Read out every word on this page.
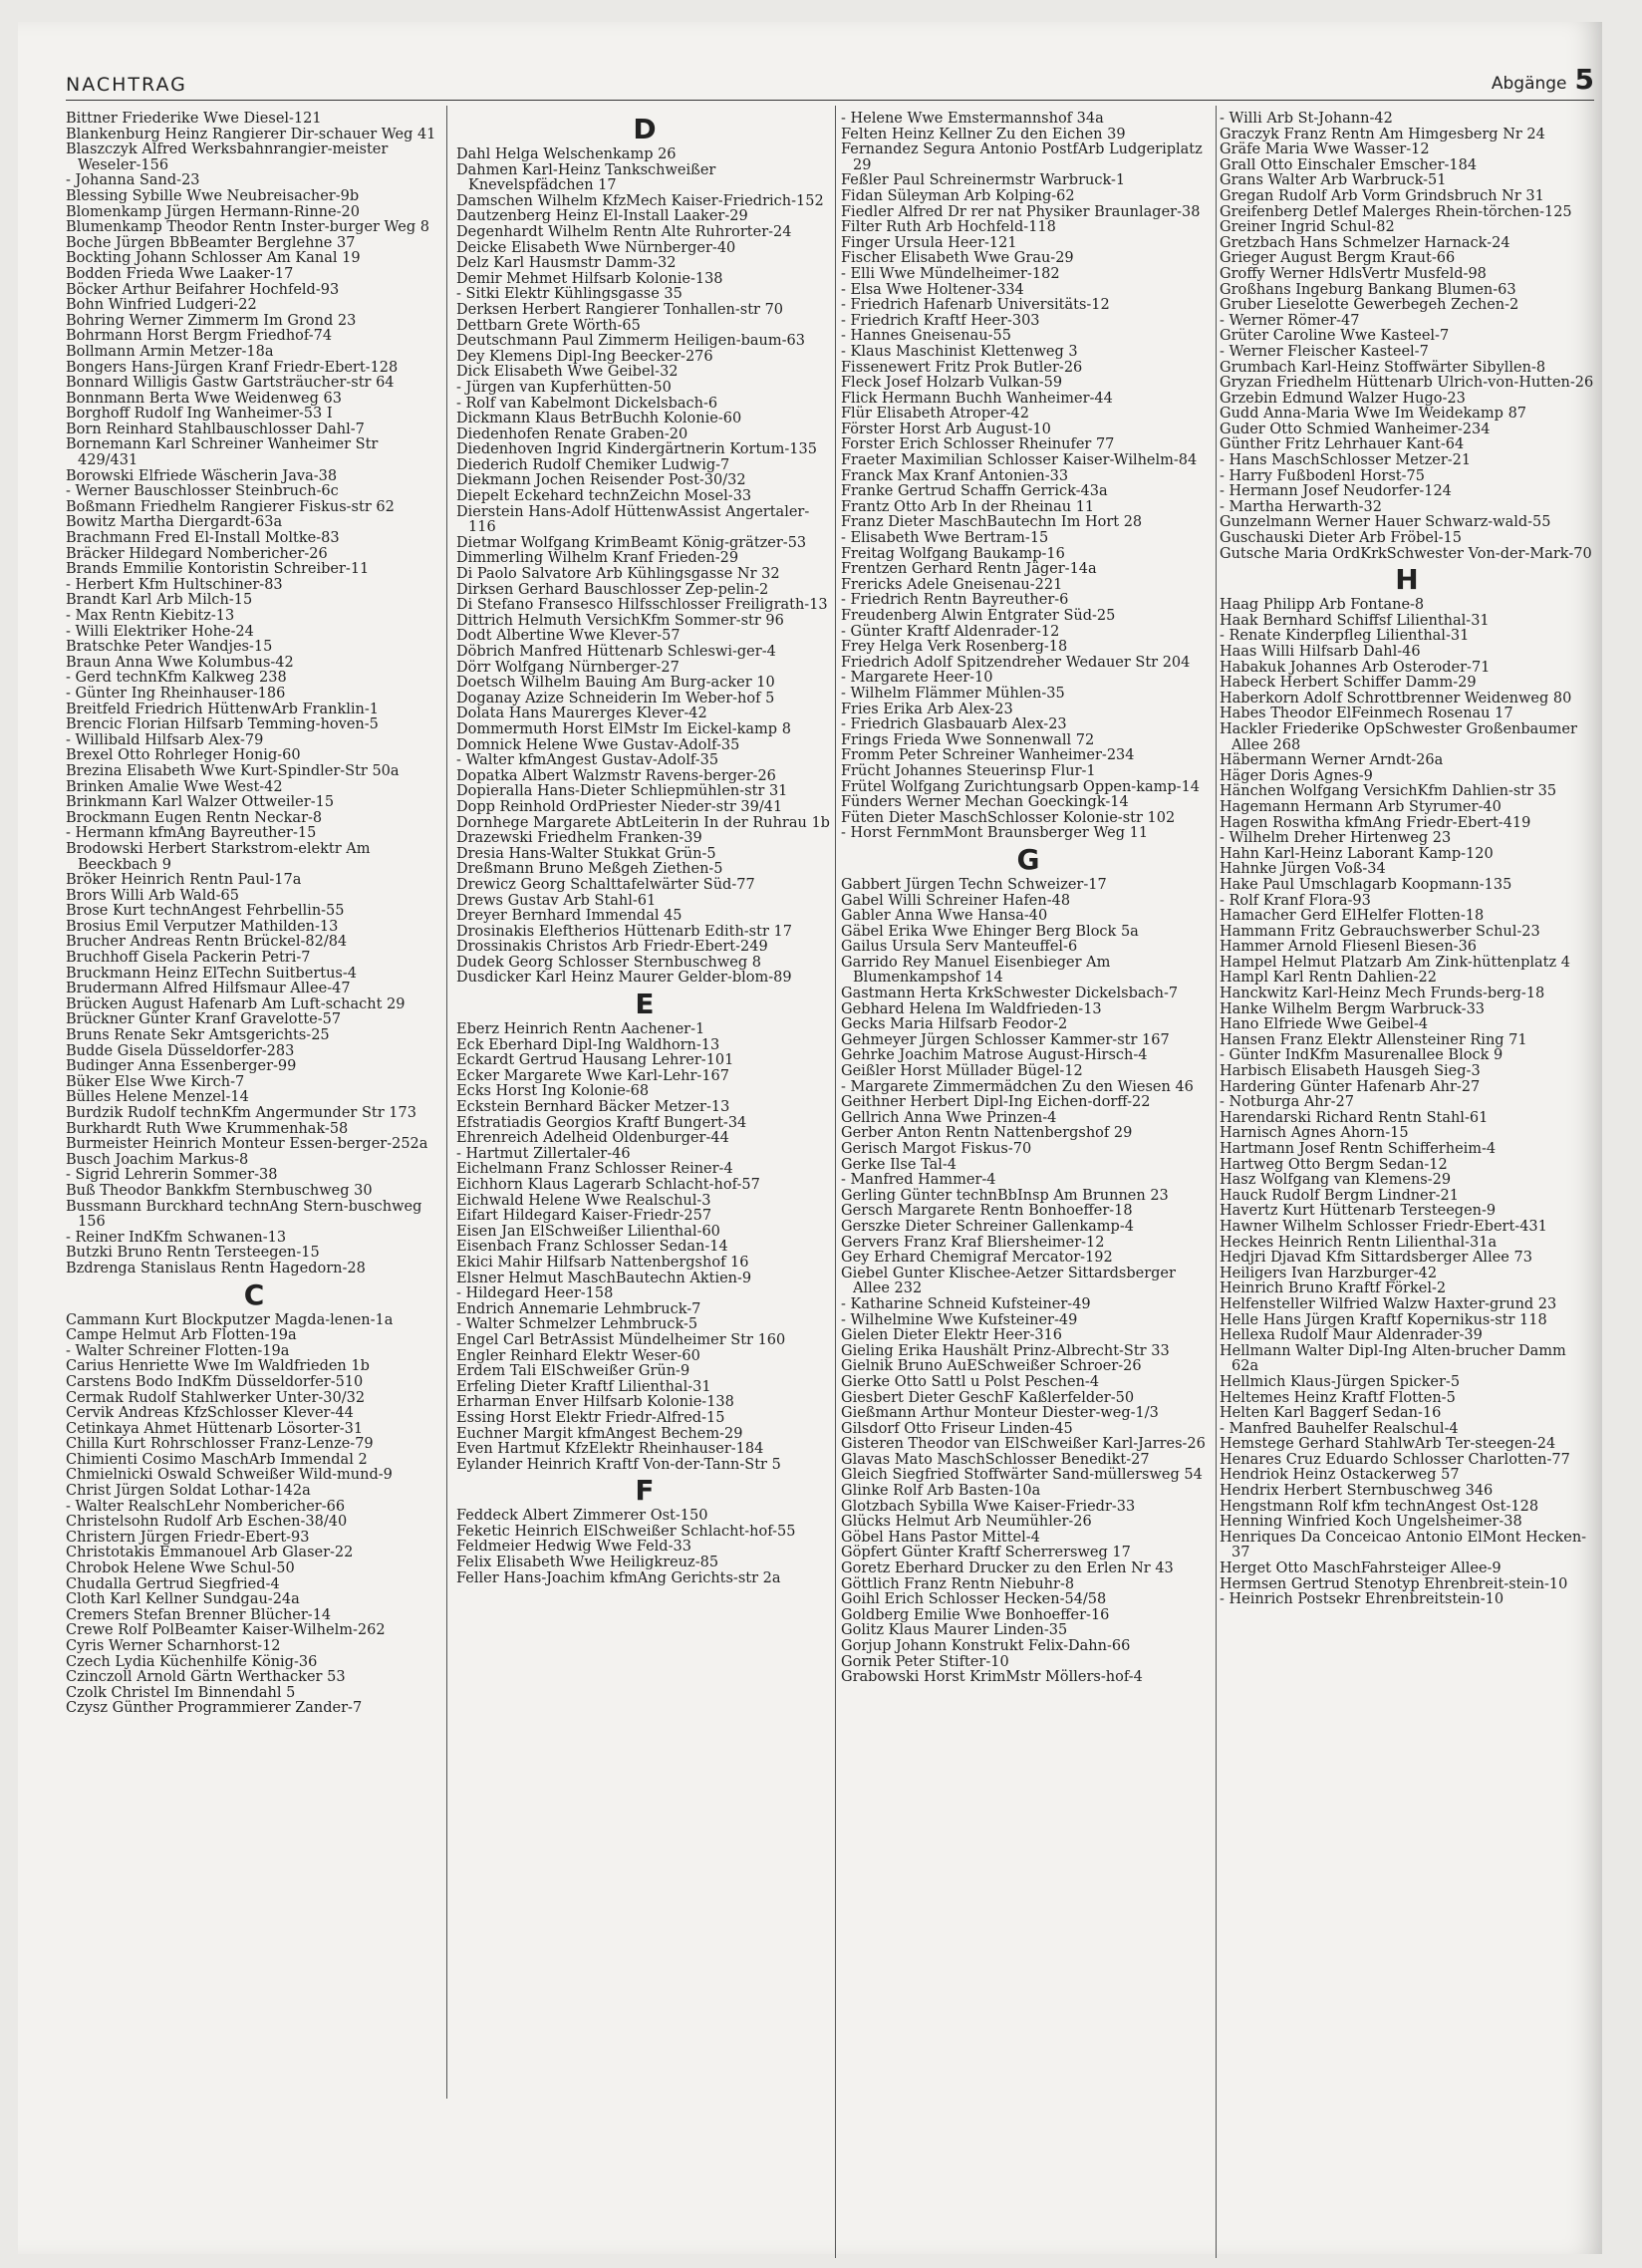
NACHTRAG	Abgänge 5

Bittner Friederike Wwe Diesel-121

Blankenburg Heinz Rangierer Dir-schauer Weg 41

Blaszczyk Alfred Werksbahnrangier-meister Weseler-156

- Johanna Sand-23

Blessing Sybille Wwe Neubreisacher-9b

Blomenkamp Jürgen Hermann-Rinne-20

Blumenkamp Theodor Rentn Inster-burger Weg 8

Boche Jürgen BbBeamter Berglehne 37

Bockting Johann Schlosser Am Kanal 19

Bodden Frieda Wwe Laaker-17

Böcker Arthur Beifahrer Hochfeld-93

Bohn Winfried Ludgeri-22

Bohring Werner Zimmerm Im Grond 23

Bohrmann Horst Bergm Friedhof-74

Bollmann Armin Metzer-18a

Bongers Hans-Jürgen Kranf Friedr-Ebert-128

Bonnard Willigis Gastw Gartsträucher-str 64

Bonnmann Berta Wwe Weidenweg 63

Borghoff Rudolf Ing Wanheimer-53 I

Born Reinhard Stahlbauschlosser Dahl-7

Bornemann Karl Schreiner Wanheimer Str 429/431

Borowski Elfriede Wäscherin Java-38

- Werner Bauschlosser Steinbruch-6c

Boßmann Friedhelm Rangierer Fiskus-str 62

Bowitz Martha Diergardt-63a

Brachmann Fred El-Install Moltke-83

Bräcker Hildegard Nombericher-26

Brands Emmilie Kontoristin Schreiber-11

- Herbert Kfm Hultschiner-83

Brandt Karl Arb Milch-15

- Max Rentn Kiebitz-13

- Willi Elektriker Hohe-24

Bratschke Peter Wandjes-15

Braun Anna Wwe Kolumbus-42

- Gerd technKfm Kalkweg 238

- Günter Ing Rheinhauser-186

Breitfeld Friedrich HüttenwArb Franklin-1

Brencic Florian Hilfsarb Temming-hoven-5

- Willibald Hilfsarb Alex-79

Brexel Otto Rohrleger Honig-60

Brezina Elisabeth Wwe Kurt-Spindler-Str 50a

Brinken Amalie Wwe West-42

Brinkmann Karl Walzer Ottweiler-15

Brockmann Eugen Rentn Neckar-8

- Hermann kfmAng Bayreuther-15

Brodowski Herbert Starkstrom-elektr Am Beeckbach 9

Bröker Heinrich Rentn Paul-17a

Brors Willi Arb Wald-65

Brose Kurt technAngest Fehrbellin-55

Brosius Emil Verputzer Mathilden-13

Brucher Andreas Rentn Brückel-82/84

Bruchhoff Gisela Packerin Petri-7

Bruckmann Heinz ElTechn Suitbertus-4

Brudermann Alfred Hilfsmaur Allee-47

Brücken August Hafenarb Am Luft-schacht 29

Brückner Günter Kranf Gravelotte-57

Bruns Renate Sekr Amtsgerichts-25

Budde Gisela Düsseldorfer-283

Budinger Anna Essenberger-99

Büker Else Wwe Kirch-7

Bülles Helene Menzel-14

Burdzik Rudolf technKfm Angermunder Str 173

Burkhardt Ruth Wwe Krummenhak-58

Burmeister Heinrich Monteur Essen-berger-252a

Busch Joachim Markus-8

- Sigrid Lehrerin Sommer-38

Buß Theodor Bankkfm Sternbuschweg 30

Bussmann Burckhard technAng Stern-buschweg 156

- Reiner IndKfm Schwanen-13

Butzki Bruno Rentn Tersteegen-15

Bzdrenga Stanislaus Rentn Hagedorn-28

C

Cammann Kurt Blockputzer Magda-lenen-1a

Campe Helmut Arb Flotten-19a

- Walter Schreiner Flotten-19a

Carius Henriette Wwe Im Waldfrieden 1b

Carstens Bodo IndKfm Düsseldorfer-510

Cermak Rudolf Stahlwerker Unter-30/32

Cervik Andreas KfzSchlosser Klever-44

Cetinkaya Ahmet Hüttenarb Lösorter-31

Chilla Kurt Rohrschlosser Franz-Lenze-79

Chimienti Cosimo MaschArb Immendal 2

Chmielnicki Oswald Schweißer Wild-mund-9

Christ Jürgen Soldat Lothar-142a

- Walter RealschLehr Nombericher-66

Christelsohn Rudolf Arb Eschen-38/40

Christern Jürgen Friedr-Ebert-93

Christotakis Emmanouel Arb Glaser-22

Chrobok Helene Wwe Schul-50

Chudalla Gertrud Siegfried-4

Cloth Karl Kellner Sundgau-24a

Cremers Stefan Brenner Blücher-14

Crewe Rolf PolBeamter Kaiser-Wilhelm-262

Cyris Werner Scharnhorst-12

Czech Lydia Küchenhilfe König-36

Czinczoll Arnold Gärtn Werthacker 53

Czolk Christel Im Binnendahl 5

Czysz Günther Programmierer Zander-7

D

Dahl Helga Welschenkamp 26

Dahmen Karl-Heinz Tankschweißer Knevelspfädchen 17

Damschen Wilhelm KfzMech Kaiser-Friedrich-152

Dautzenberg Heinz El-Install Laaker-29

Degenhardt Wilhelm Rentn Alte Ruhrorter-24

Deicke Elisabeth Wwe Nürnberger-40

Delz Karl Hausmstr Damm-32

Demir Mehmet Hilfsarb Kolonie-138

- Sitki Elektr Kühlingsgasse 35

Derksen Herbert Rangierer Tonhallen-str 70

Dettbarn Grete Wörth-65

Deutschmann Paul Zimmerm Heiligen-baum-63

Dey Klemens Dipl-Ing Beecker-276

Dick Elisabeth Wwe Geibel-32

- Jürgen van Kupferhütten-50

- Rolf van Kabelmont Dickelsbach-6

Dickmann Klaus BetrBuchh Kolonie-60

Diedenhofen Renate Graben-20

Diedenhoven Ingrid Kindergärtnerin Kortum-135

Diederich Rudolf Chemiker Ludwig-7

Diekmann Jochen Reisender Post-30/32

Diepelt Eckehard technZeichn Mosel-33

Dierstein Hans-Adolf HüttenwAssist Angertaler-116

Dietmar Wolfgang KrimBeamt König-grätzer-53

Dimmerling Wilhelm Kranf Frieden-29

Di Paolo Salvatore Arb Kühlingsgasse Nr 32

Dirksen Gerhard Bauschlosser Zep-pelin-2

Di Stefano Fransesco Hilfsschlosser Freiligrath-13

Dittrich Helmuth VersichKfm Sommer-str 96

Dodt Albertine Wwe Klever-57

Döbrich Manfred Hüttenarb Schleswi-ger-4

Dörr Wolfgang Nürnberger-27

Doetsch Wilhelm Bauing Am Burg-acker 10

Doganay Azize Schneiderin Im Weber-hof 5

Dolata Hans Maurerges Klever-42

Dommermuth Horst ElMstr Im Eickel-kamp 8

Domnick Helene Wwe Gustav-Adolf-35

- Walter kfmAngest Gustav-Adolf-35

Dopatka Albert Walzmstr Ravens-berger-26

Dopieralla Hans-Dieter Schliepmühlen-str 31

Dopp Reinhold OrdPriester Nieder-str 39/41

Dornhege Margarete AbtLeiterin In der Ruhrau 1b

Drazewski Friedhelm Franken-39

Dresia Hans-Walter Stukkat Grün-5

Dreßmann Bruno Meßgeh Ziethen-5

Drewicz Georg Schalttafelwärter Süd-77

Drews Gustav Arb Stahl-61

Dreyer Bernhard Immendal 45

Drosinakis Eleftherios Hüttenarb Edith-str 17

Drossinakis Christos Arb Friedr-Ebert-249

Dudek Georg Schlosser Sternbuschweg 8

Dusdicker Karl Heinz Maurer Gelder-blom-89

E

Eberz Heinrich Rentn Aachener-1

Eck Eberhard Dipl-Ing Waldhorn-13

Eckardt Gertrud Hausang Lehrer-101

Ecker Margarete Wwe Karl-Lehr-167

Ecks Horst Ing Kolonie-68

Eckstein Bernhard Bäcker Metzer-13

Efstratiadis Georgios Kraftf Bungert-34

Ehrenreich Adelheid Oldenburger-44

- Hartmut Zillertaler-46

Eichelmann Franz Schlosser Reiner-4

Eichhorn Klaus Lagerarb Schlacht-hof-57

Eichwald Helene Wwe Realschul-3

Eifart Hildegard Kaiser-Friedr-257

Eisen Jan ElSchweißer Lilienthal-60

Eisenbach Franz Schlosser Sedan-14

Ekici Mahir Hilfsarb Nattenbergshof 16

Elsner Helmut MaschBautechn Aktien-9

- Hildegard Heer-158

Endrich Annemarie Lehmbruck-7

- Walter Schmelzer Lehmbruck-5

Engel Carl BetrAssist Mündelheimer Str 160

Engler Reinhard Elektr Weser-60

Erdem Tali ElSchweißer Grün-9

Erfeling Dieter Kraftf Lilienthal-31

Erharman Enver Hilfsarb Kolonie-138

Essing Horst Elektr Friedr-Alfred-15

Euchner Margit kfmAngest Bechem-29

Even Hartmut KfzElektr Rheinhauser-184

Eylander Heinrich Kraftf Von-der-Tann-Str 5

F

Feddeck Albert Zimmerer Ost-150

Feketic Heinrich ElSchweißer Schlacht-hof-55

Feldmeier Hedwig Wwe Feld-33

Felix Elisabeth Wwe Heiligkreuz-85

Feller Hans-Joachim kfmAng Gerichts-str 2a

- Helene Wwe Emstermannshof 34a

Felten Heinz Kellner Zu den Eichen 39

Fernandez Segura Antonio PostfArb Ludgeriplatz 29

Feßler Paul Schreinermstr Warbruck-1

Fidan Süleyman Arb Kolping-62

Fiedler Alfred Dr rer nat Physiker Braunlager-38

Filter Ruth Arb Hochfeld-118

Finger Ursula Heer-121

Fischer Elisabeth Wwe Grau-29

- Elli Wwe Mündelheimer-182

- Elsa Wwe Holtener-334

- Friedrich Hafenarb Universitäts-12

- Friedrich Kraftf Heer-303

- Hannes Gneisenau-55

- Klaus Maschinist Klettenweg 3

Fissenewert Fritz Prok Butler-26

Fleck Josef Holzarb Vulkan-59

Flick Hermann Buchh Wanheimer-44

Flür Elisabeth Atroper-42

Förster Horst Arb August-10

Forster Erich Schlosser Rheinufer 77

Fraeter Maximilian Schlosser Kaiser-Wilhelm-84

Franck Max Kranf Antonien-33

Franke Gertrud Schaffn Gerrick-43a

Frantz Otto Arb In der Rheinau 11

Franz Dieter MaschBautechn Im Hort 28

- Elisabeth Wwe Bertram-15

Freitag Wolfgang Baukamp-16

Frentzen Gerhard Rentn Jäger-14a

Frericks Adele Gneisenau-221

- Friedrich Rentn Bayreuther-6

Freudenberg Alwin Entgrater Süd-25

- Günter Kraftf Aldenrader-12

Frey Helga Verk Rosenberg-18

Friedrich Adolf Spitzendreher Wedauer Str 204

- Margarete Heer-10

- Wilhelm Flämmer Mühlen-35

Fries Erika Arb Alex-23

- Friedrich Glasbauarb Alex-23

Frings Frieda Wwe Sonnenwall 72

Fromm Peter Schreiner Wanheimer-234

Frücht Johannes Steuerinsp Flur-1

Frütel Wolfgang Zurichtungsarb Oppen-kamp-14

Fünders Werner Mechan Goeckingk-14

Füten Dieter MaschSchlosser Kolonie-str 102

- Horst FernmMont Braunsberger Weg 11

G

Gabbert Jürgen Techn Schweizer-17

Gabel Willi Schreiner Hafen-48

Gabler Anna Wwe Hansa-40

Gäbel Erika Wwe Ehinger Berg Block 5a

Gailus Ursula Serv Manteuffel-6

Garrido Rey Manuel Eisenbieger Am Blumenkampshof 14

Gastmann Herta KrkSchwester Dickelsbach-7

Gebhard Helena Im Waldfrieden-13

Gecks Maria Hilfsarb Feodor-2

Gehmeyer Jürgen Schlosser Kammer-str 167

Gehrke Joachim Matrose August-Hirsch-4

Geißler Horst Müllader Bügel-12

- Margarete Zimmermädchen Zu den Wiesen 46

Geithner Herbert Dipl-Ing Eichen-dorff-22

Gellrich Anna Wwe Prinzen-4

Gerber Anton Rentn Nattenbergshof 29

Gerisch Margot Fiskus-70

Gerke Ilse Tal-4

- Manfred Hammer-4

Gerling Günter technBbInsp Am Brunnen 23

Gersch Margarete Rentn Bonhoeffer-18

Gerszke Dieter Schreiner Gallenkamp-4

Gervers Franz Kraf Bliersheimer-12

Gey Erhard Chemigraf Mercator-192

Giebel Gunter Klischee-Aetzer Sittardsberger Allee 232

- Katharine Schneid Kufsteiner-49

- Wilhelmine Wwe Kufsteiner-49

Gielen Dieter Elektr Heer-316

Gieling Erika Haushält Prinz-Albrecht-Str 33

Gielnik Bruno AuESchweißer Schroer-26

Gierke Otto Sattl u Polst Peschen-4

Giesbert Dieter GeschF Kaßlerfelder-50

Gießmann Arthur Monteur Diester-weg-1/3

Gilsdorf Otto Friseur Linden-45

Gisteren Theodor van ElSchweißer Karl-Jarres-26

Glavas Mato MaschSchlosser Benedikt-27

Gleich Siegfried Stoffwärter Sand-müllersweg 54

Glinke Rolf Arb Basten-10a

Glotzbach Sybilla Wwe Kaiser-Friedr-33

Glücks Helmut Arb Neumühler-26

Göbel Hans Pastor Mittel-4

Göpfert Günter Kraftf Scherrersweg 17

Goretz Eberhard Drucker zu den Erlen Nr 43

Göttlich Franz Rentn Niebuhr-8

Goihl Erich Schlosser Hecken-54/58

Goldberg Emilie Wwe Bonhoeffer-16

Golitz Klaus Maurer Linden-35

Gorjup Johann Konstrukt Felix-Dahn-66

Gornik Peter Stifter-10

Grabowski Horst KrimMstr Möllers-hof-4

- Willi Arb St-Johann-42

Graczyk Franz Rentn Am Himgesberg Nr 24

Gräfe Maria Wwe Wasser-12

Grall Otto Einschaler Emscher-184

Grans Walter Arb Warbruck-51

Gregan Rudolf Arb Vorm Grindsbruch Nr 31

Greifenberg Detlef Malerges Rhein-törchen-125

Greiner Ingrid Schul-82

Gretzbach Hans Schmelzer Harnack-24

Grieger August Bergm Kraut-66

Groffy Werner HdlsVertr Musfeld-98

Großhans Ingeburg Bankang Blumen-63

Gruber Lieselotte Gewerbegeh Zechen-2

- Werner Römer-47

Grüter Caroline Wwe Kasteel-7

- Werner Fleischer Kasteel-7

Grumbach Karl-Heinz Stoffwärter Sibyllen-8

Gryzan Friedhelm Hüttenarb Ulrich-von-Hutten-26

Grzebin Edmund Walzer Hugo-23

Gudd Anna-Maria Wwe Im Weidekamp 87

Guder Otto Schmied Wanheimer-234

Günther Fritz Lehrhauer Kant-64

- Hans MaschSchlosser Metzer-21

- Harry Fußbodenl Horst-75

- Hermann Josef Neudorfer-124

- Martha Herwarth-32

Gunzelmann Werner Hauer Schwarz-wald-55

Guschauski Dieter Arb Fröbel-15

Gutsche Maria OrdKrkSchwester Von-der-Mark-70

H

Haag Philipp Arb Fontane-8

Haak Bernhard Schiffsf Lilienthal-31

- Renate Kinderpfleg Lilienthal-31

Haas Willi Hilfsarb Dahl-46

Habakuk Johannes Arb Osteroder-71

Habeck Herbert Schiffer Damm-29

Haberkorn Adolf Schrottbrenner Weidenweg 80

Habes Theodor ElFeinmech Rosenau 17

Hackler Friederike OpSchwester Großenbaumer Allee 268

Häbermann Werner Arndt-26a

Häger Doris Agnes-9

Hänchen Wolfgang VersichKfm Dahlien-str 35

Hagemann Hermann Arb Styrumer-40

Hagen Roswitha kfmAng Friedr-Ebert-419

- Wilhelm Dreher Hirtenweg 23

Hahn Karl-Heinz Laborant Kamp-120

Hahnke Jürgen Voß-34

Hake Paul Umschlagarb Koopmann-135

- Rolf Kranf Flora-93

Hamacher Gerd ElHelfer Flotten-18

Hammann Fritz Gebrauchswerber Schul-23

Hammer Arnold Fliesenl Biesen-36

Hampel Helmut Platzarb Am Zink-hüttenplatz 4

Hampl Karl Rentn Dahlien-22

Hanckwitz Karl-Heinz Mech Frunds-berg-18

Hanke Wilhelm Bergm Warbruck-33

Hano Elfriede Wwe Geibel-4

Hansen Franz Elektr Allensteiner Ring 71

- Günter IndKfm Masurenallee Block 9

Harbisch Elisabeth Hausgeh Sieg-3

Hardering Günter Hafenarb Ahr-27

- Notburga Ahr-27

Harendarski Richard Rentn Stahl-61

Harnisch Agnes Ahorn-15

Hartmann Josef Rentn Schifferheim-4

Hartweg Otto Bergm Sedan-12

Hasz Wolfgang van Klemens-29

Hauck Rudolf Bergm Lindner-21

Havertz Kurt Hüttenarb Tersteegen-9

Hawner Wilhelm Schlosser Friedr-Ebert-431

Heckes Heinrich Rentn Lilienthal-31a

Hedjri Djavad Kfm Sittardsberger Allee 73

Heiligers Ivan Harzburger-42

Heinrich Bruno Kraftf Förkel-2

Helfensteller Wilfried Walzw Haxter-grund 23

Helle Hans Jürgen Kraftf Kopernikus-str 118

Hellexa Rudolf Maur Aldenrader-39

Hellmann Walter Dipl-Ing Alten-brucher Damm 62a

Hellmich Klaus-Jürgen Spicker-5

Heltemes Heinz Kraftf Flotten-5

Helten Karl Baggerf Sedan-16

- Manfred Bauhelfer Realschul-4

Hemstege Gerhard StahlwArb Ter-steegen-24

Henares Cruz Eduardo Schlosser Charlotten-77

Hendriok Heinz Ostackerweg 57

Hendrix Herbert Sternbuschweg 346

Hengstmann Rolf kfm technAngest Ost-128

Henning Winfried Koch Ungelsheimer-38

Henriques Da Conceicao Antonio ElMont Hecken-37

Herget Otto MaschFahrsteiger Allee-9

Hermsen Gertrud Stenotyp Ehrenbreit-stein-10

- Heinrich Postsekr Ehrenbreitstein-10
